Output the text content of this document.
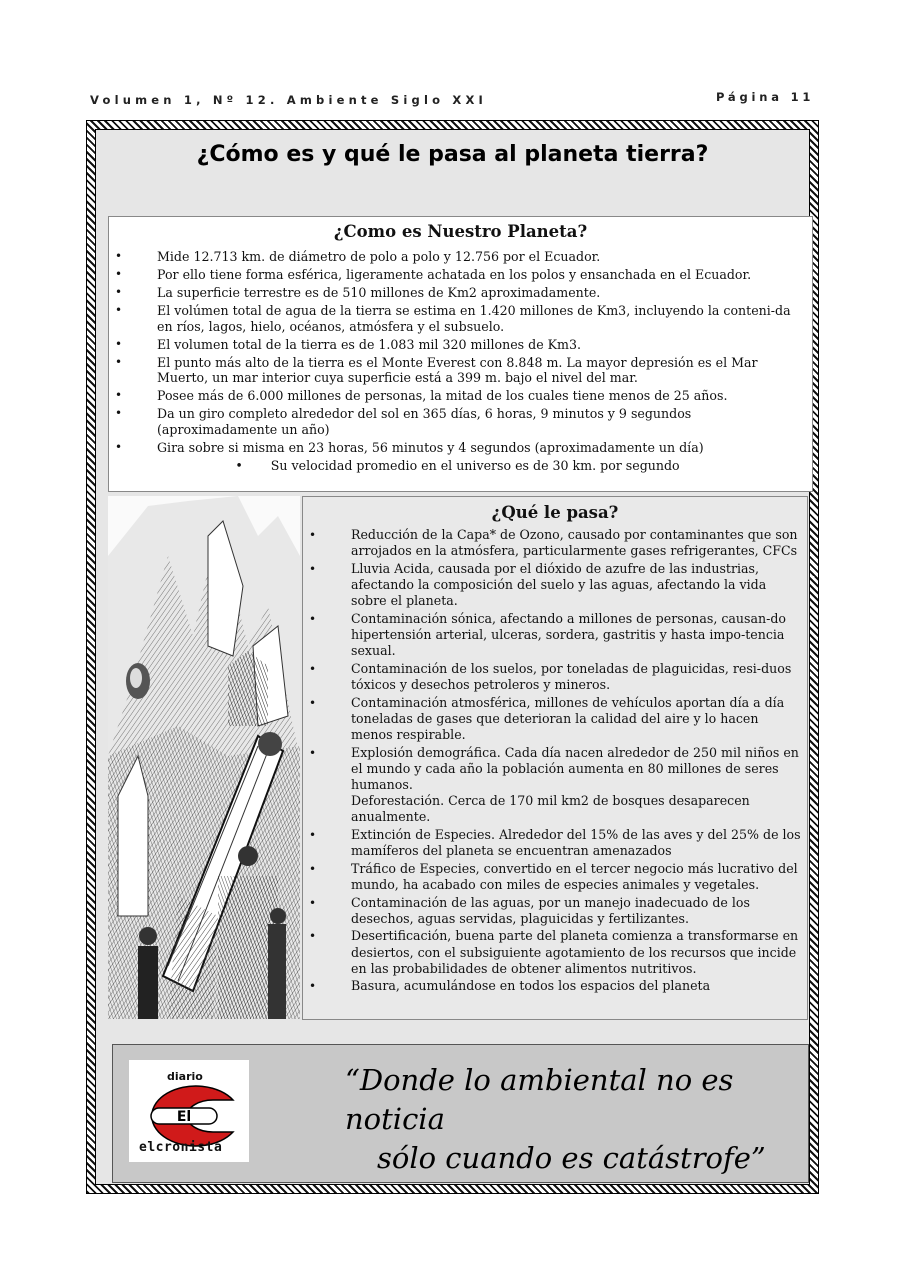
Volumen 1, Nº 12. Ambiente Siglo XXI	Página 11
¿Cómo es y qué le pasa al planeta tierra?
¿Como es Nuestro Planeta?
• Mide 12.713 km. de diámetro de polo a polo y 12.756 por el Ecuador.
• Por ello tiene forma esférica, ligeramente achatada en los polos y ensanchada en el Ecuador.
• La superficie terrestre es de 510 millones de Km2 aproximadamente.
• El volúmen total de agua de la tierra se estima en 1.420 millones de Km3, incluyendo la conteni-da en ríos, lagos, hielo, océanos, atmósfera y el subsuelo.
• El volumen total de la tierra es de 1.083 mil 320 millones de Km3.
• El punto más alto de la tierra es el Monte Everest con 8.848 m. La mayor depresión es el Mar Muerto, un mar interior cuya superficie está a 399 m. bajo el nivel del mar.
• Posee más de 6.000 millones de personas, la mitad de los cuales tiene menos de 25 años.
• Da un giro completo alrededor del sol en 365 días, 6 horas, 9 minutos y 9 segundos (aproximadamente un año)
• Gira sobre si misma en 23 horas, 56 minutos y 4 segundos (aproximadamente un día)
• Su velocidad promedio en el universo es de 30 km. por segundo
¿Qué le pasa?
• Reducción de la Capa* de Ozono, causado por contaminantes que son arrojados en la atmósfera, particularmente gases refrigerantes, CFCs
• Lluvia Acida, causada por el dióxido de azufre de las industrias, afectando la composición del suelo y las aguas, afectando la vida sobre el planeta.
• Contaminación sónica, afectando a millones de personas, causan-do hipertensión arterial, ulceras, sordera, gastritis y hasta impo-tencia sexual.
• Contaminación de los suelos, por toneladas de plaguicidas, resi-duos tóxicos y desechos petroleros y mineros.
• Contaminación atmosférica, millones de vehículos aportan día a día toneladas de gases que deterioran la calidad del aire y lo hacen menos respirable.
• Explosión demográfica. Cada día nacen alrededor de 250 mil niños en el mundo y cada año la población aumenta en 80 millones de seres humanos.
Deforestación. Cerca de 170 mil km2 de bosques desaparecen anualmente.
• Extinción de Especies. Alrededor del 15% de las aves y del 25% de los mamíferos del planeta se encuentran amenazados
• Tráfico de Especies, convertido en el tercer negocio más lucrativo del mundo, ha acabado con miles de especies animales y vegetales.
• Contaminación de las aguas, por un manejo inadecuado de los desechos, aguas servidas, plaguicidas y fertilizantes.
• Desertificación, buena parte del planeta comienza a transformarse en desiertos, con el subsiguiente agotamiento de los recursos que incide en las probabilidades de obtener alimentos nutritivos.
• Basura, acumulándose en todos los espacios del planeta
diario
El
elcronista
“Donde lo ambiental no es noticia
sólo cuando es catástrofe”
